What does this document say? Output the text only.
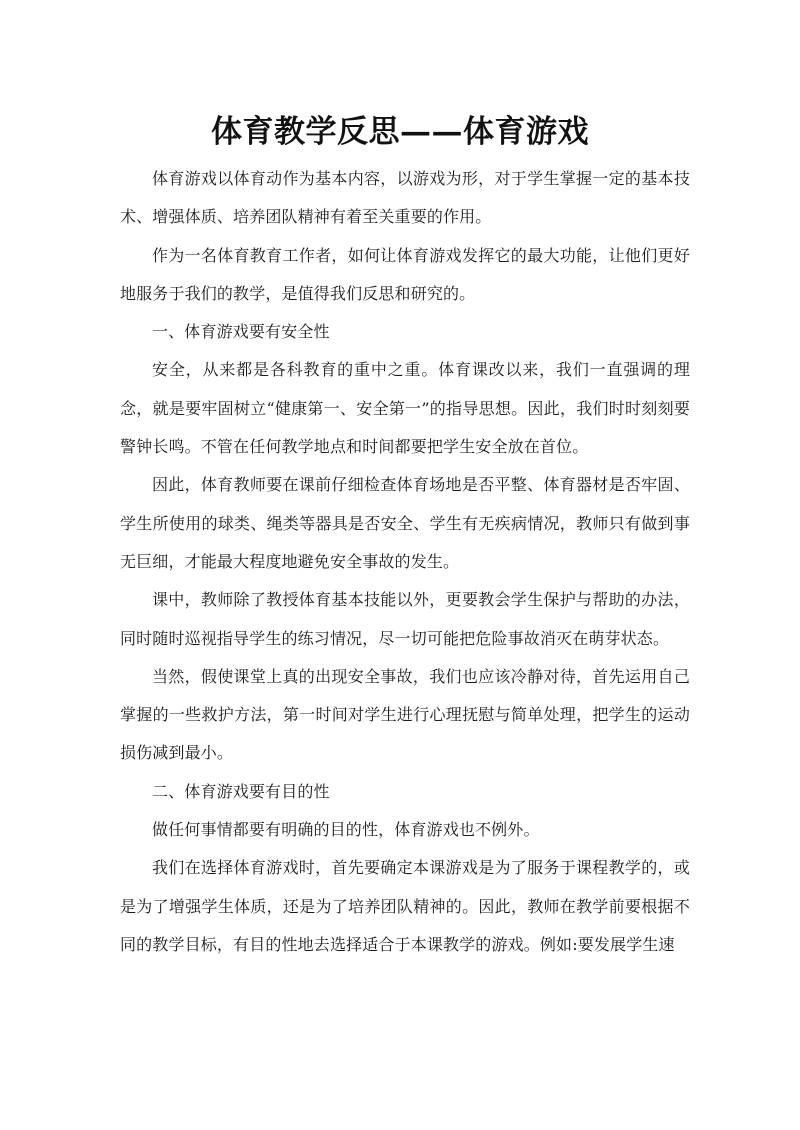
体育教学反思——体育游戏

体育游戏以体育动作为基本内容，以游戏为形，对于学生掌握一定的基本技术、增强体质、培养团队精神有着至关重要的作用。

作为一名体育教育工作者，如何让体育游戏发挥它的最大功能，让他们更好地服务于我们的教学，是值得我们反思和研究的。

一、体育游戏要有安全性

安全，从来都是各科教育的重中之重。体育课改以来，我们一直强调的理念，就是要牢固树立“健康第一、安全第一”的指导思想。因此，我们时时刻刻要警钟长鸣。不管在任何教学地点和时间都要把学生安全放在首位。

因此，体育教师要在课前仔细检查体育场地是否平整、体育器材是否牢固、学生所使用的球类、绳类等器具是否安全、学生有无疾病情况，教师只有做到事无巨细，才能最大程度地避免安全事故的发生。

课中，教师除了教授体育基本技能以外，更要教会学生保护与帮助的办法，同时随时巡视指导学生的练习情况，尽一切可能把危险事故消灭在萌芽状态。

当然，假使课堂上真的出现安全事故，我们也应该冷静对待，首先运用自己掌握的一些救护方法，第一时间对学生进行心理抚慰与简单处理，把学生的运动损伤减到最小。

二、体育游戏要有目的性

做任何事情都要有明确的目的性，体育游戏也不例外。

我们在选择体育游戏时，首先要确定本课游戏是为了服务于课程教学的，或是为了增强学生体质，还是为了培养团队精神的。因此，教师在教学前要根据不同的教学目标，有目的性地去选择适合于本课教学的游戏。例如:要发展学生速
